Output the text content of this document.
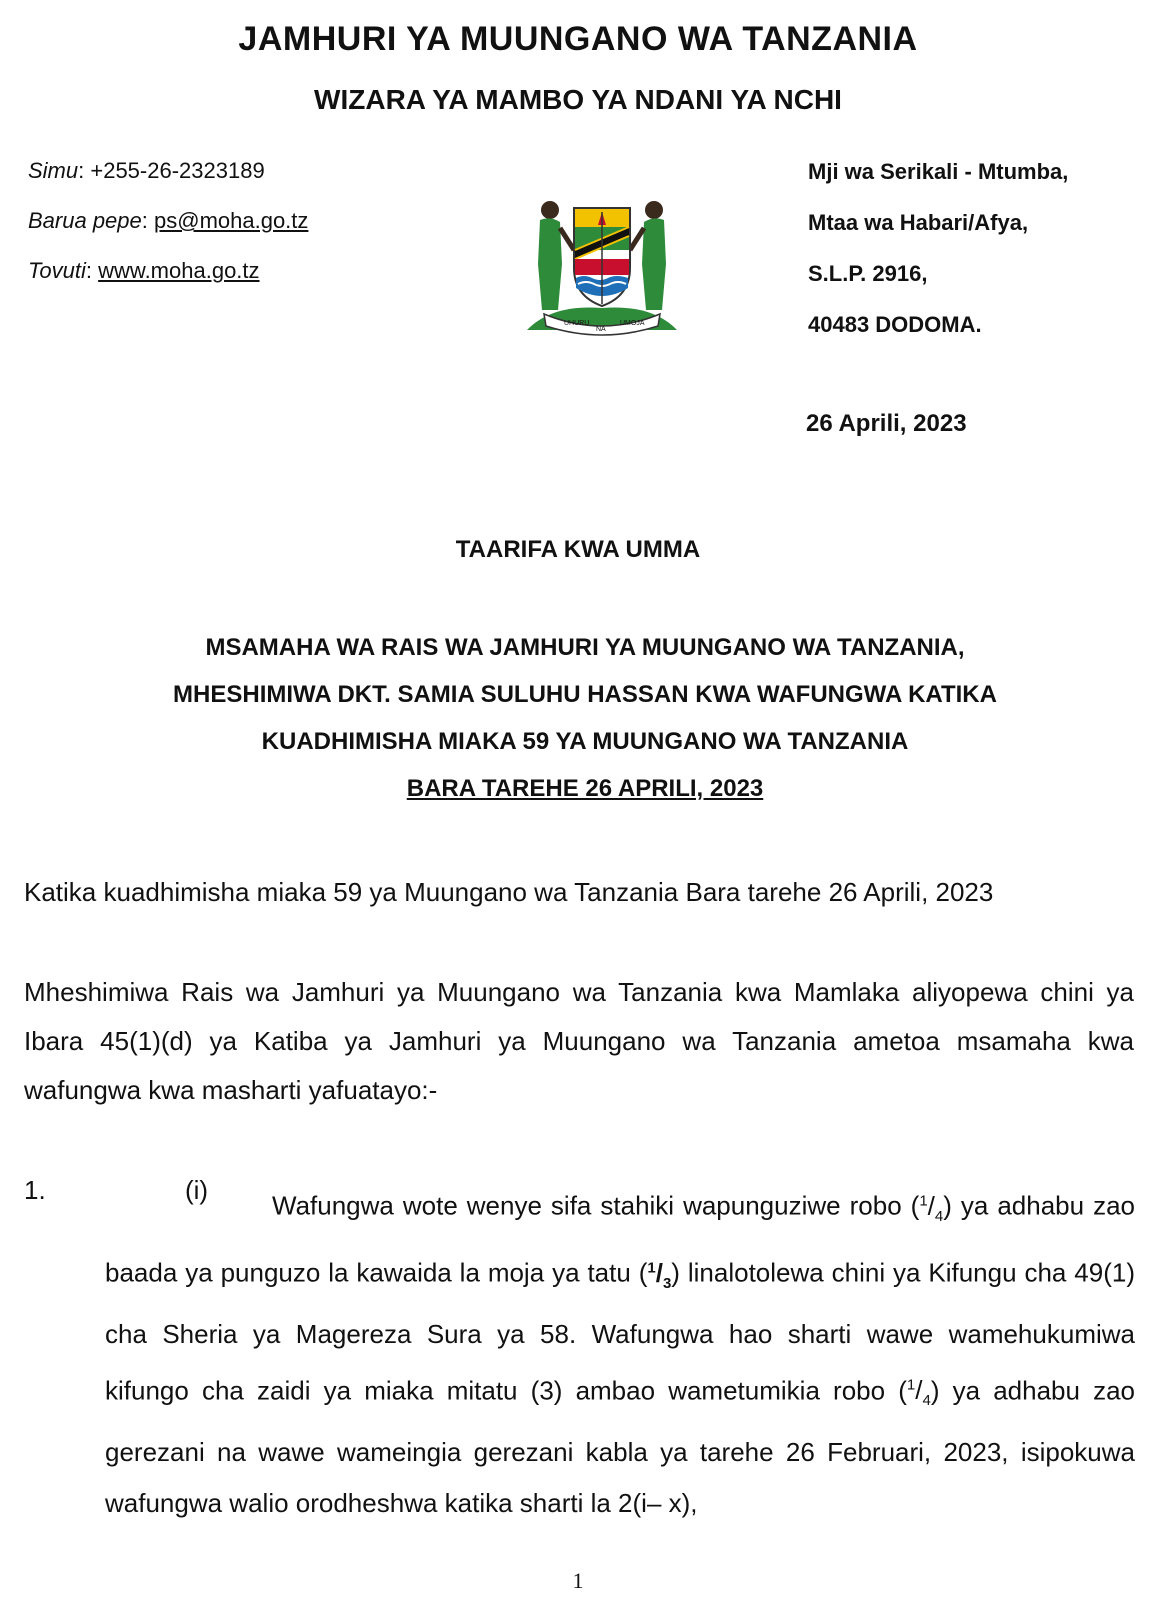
JAMHURI YA MUUNGANO WA TANZANIA
WIZARA YA MAMBO YA NDANI YA NCHI
Simu: +255-26-2323189
Barua pepe: ps@moha.go.tz
Tovuti: www.moha.go.tz
UHURU
NA
UMOJA
Mji wa Serikali - Mtumba,
Mtaa wa Habari/Afya,
S.L.P. 2916,
40483 DODOMA.
26 Aprili, 2023
TAARIFA KWA UMMA
MSAMAHA WA RAIS WA JAMHURI YA MUUNGANO WA TANZANIA,
MHESHIMIWA DKT. SAMIA SULUHU HASSAN KWA WAFUNGWA KATIKA
KUADHIMISHA MIAKA 59 YA MUUNGANO WA TANZANIA
BARA TAREHE 26 APRILI, 2023
Katika kuadhimisha miaka 59 ya Muungano wa Tanzania Bara tarehe 26 Aprili, 2023
Mheshimiwa Rais wa Jamhuri ya Muungano wa Tanzania kwa Mamlaka aliyopewa chini ya Ibara 45(1)(d) ya Katiba ya Jamhuri ya Muungano wa Tanzania ametoa msamaha kwa wafungwa kwa masharti yafuatayo:-
1.	(i)
Wafungwa wote wenye sifa stahiki wapunguziwe robo $(^1/_4)$ ya adhabu zao baada ya punguzo la kawaida la moja ya tatu $(^1/_3)$ linalotolewa chini ya Kifungu cha 49(1) cha Sheria ya Magereza Sura ya 58. Wafungwa hao sharti wawe wamehukumiwa kifungo cha zaidi ya miaka mitatu (3) ambao wametumikia robo $(^1/_4)$ ya adhabu zao gerezani na wawe wameingia gerezani kabla ya tarehe 26 Februari, 2023, isipokuwa wafungwa walio orodheshwa katika sharti la 2(i– x),
1
